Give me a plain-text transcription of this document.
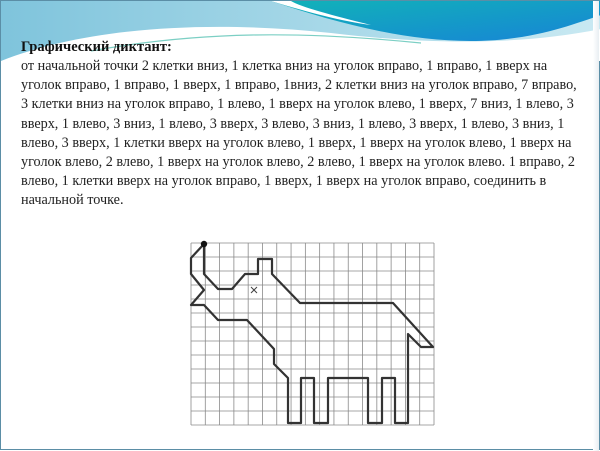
Графический диктант:
от начальной точки 2 клетки вниз, 1 клетка вниз на уголок вправо, 1 вправо, 1 вверх на уголок вправо, 1 вправо, 1 вверх, 1 вправо, 1вниз, 2 клетки вниз на уголок вправо, 7 вправо, 3 клетки вниз на уголок вправо, 1 влево, 1 вверх на уголок влево, 1 вверх, 7 вниз, 1 влево, 3 вверх, 1 влево, 3 вниз, 1 влево, 3 вверх, 3 влево, 3 вниз, 1 влево, 3 вверх, 1 влево, 3 вниз, 1 влево, 3 вверх, 1 клетки вверх на уголок влево, 1 вверх, 1 вверх на уголок влево, 1 вверх на уголок влево, 2 влево, 1 вверх на уголок влево, 2 влево, 1 вверх на уголок влево. 1 вправо, 2 влево, 1 клетки вверх на уголок вправо, 1 вверх, 1 вверх на уголок вправо, соединить в начальной точке.
